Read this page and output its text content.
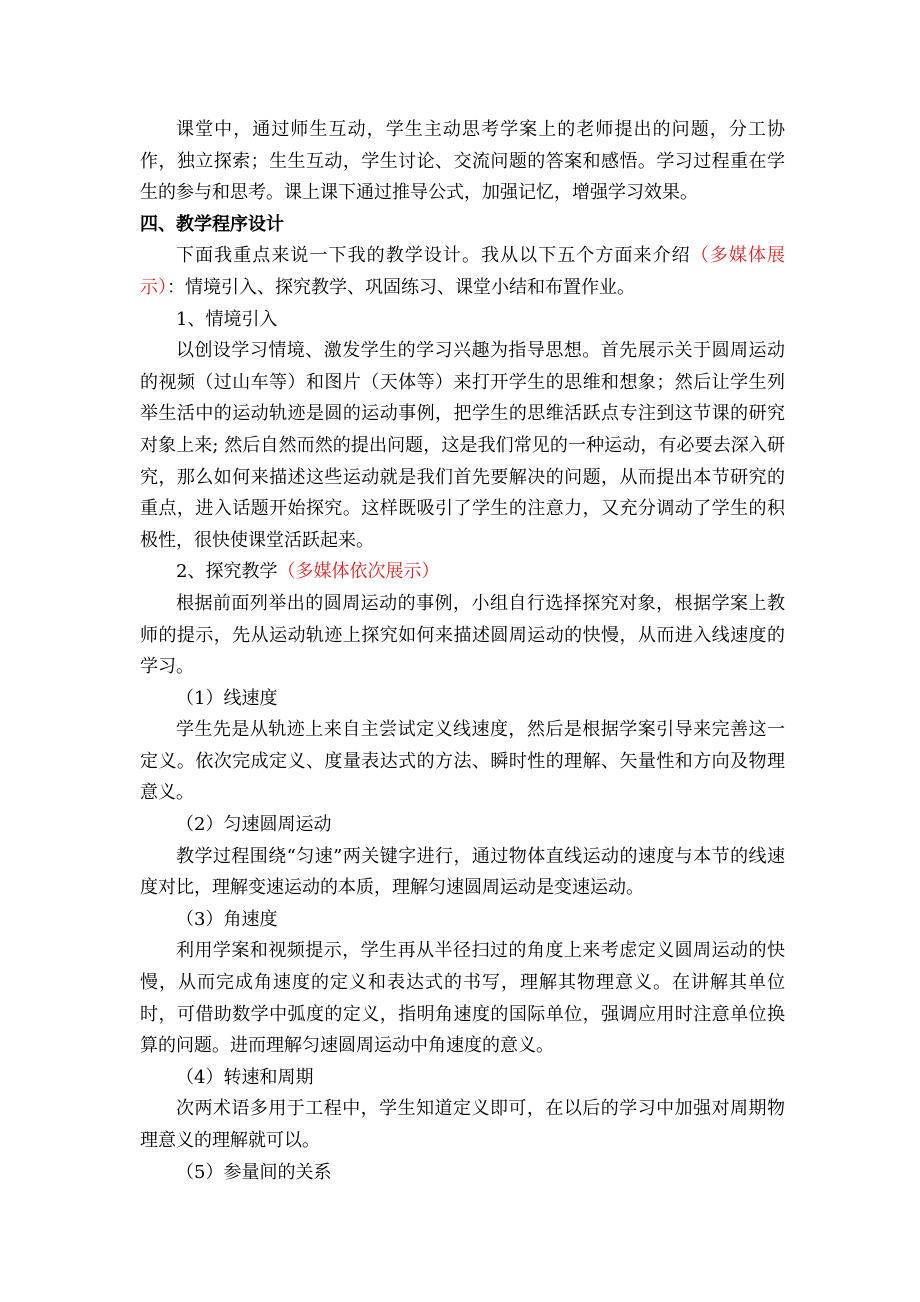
课堂中，通过师生互动，学生主动思考学案上的老师提出的问题，分工协作，独立探索；生生互动，学生讨论、交流问题的答案和感悟。学习过程重在学生的参与和思考。课上课下通过推导公式，加强记忆，增强学习效果。

四、教学程序设计

下面我重点来说一下我的教学设计。我从以下五个方面来介绍（多媒体展示）：情境引入、探究教学、巩固练习、课堂小结和布置作业。

1、情境引入

以创设学习情境、激发学生的学习兴趣为指导思想。首先展示关于圆周运动的视频（过山车等）和图片（天体等）来打开学生的思维和想象；然后让学生列举生活中的运动轨迹是圆的运动事例，把学生的思维活跃点专注到这节课的研究对象上来; 然后自然而然的提出问题，这是我们常见的一种运动，有必要去深入研究，那么如何来描述这些运动就是我们首先要解决的问题，从而提出本节研究的重点，进入话题开始探究。这样既吸引了学生的注意力，又充分调动了学生的积极性，很快使课堂活跃起来。

2、探究教学（多媒体依次展示）

根据前面列举出的圆周运动的事例，小组自行选择探究对象，根据学案上教师的提示，先从运动轨迹上探究如何来描述圆周运动的快慢，从而进入线速度的学习。

（1）线速度

学生先是从轨迹上来自主尝试定义线速度，然后是根据学案引导来完善这一定义。依次完成定义、度量表达式的方法、瞬时性的理解、矢量性和方向及物理意义。

（2）匀速圆周运动

教学过程围绕“匀速”两关键字进行，通过物体直线运动的速度与本节的线速度对比，理解变速运动的本质，理解匀速圆周运动是变速运动。

（3）角速度

利用学案和视频提示，学生再从半径扫过的角度上来考虑定义圆周运动的快慢，从而完成角速度的定义和表达式的书写，理解其物理意义。在讲解其单位时，可借助数学中弧度的定义，指明角速度的国际单位，强调应用时注意单位换算的问题。进而理解匀速圆周运动中角速度的意义。

（4）转速和周期

次两术语多用于工程中，学生知道定义即可，在以后的学习中加强对周期物理意义的理解就可以。

（5）参量间的关系
